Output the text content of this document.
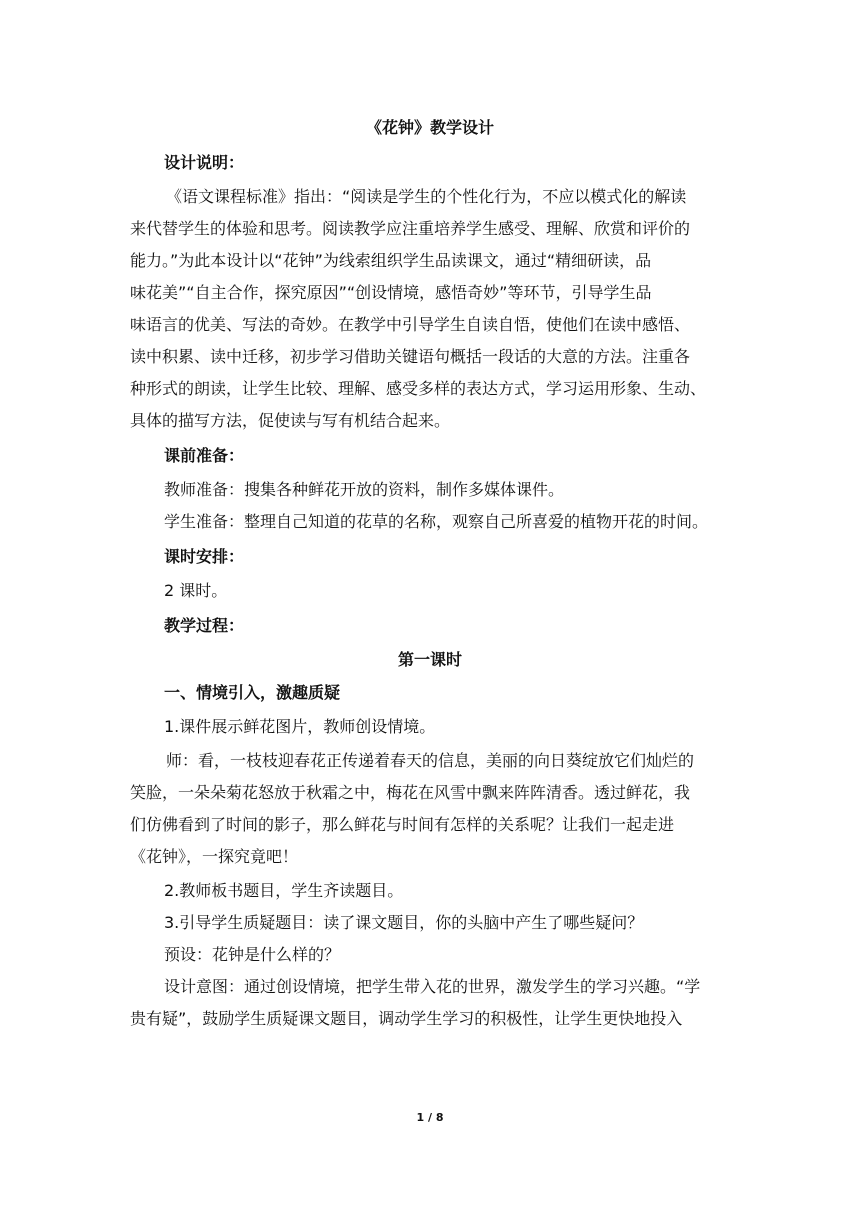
《花钟》教学设计
设计说明：
《语文课程标准》指出：“阅读是学生的个性化行为，不应以模式化的解读
来代替学生的体验和思考。阅读教学应注重培养学生感受、理解、欣赏和评价的
能力。”为此本设计以“花钟”为线索组织学生品读课文，通过“精细研读，品
味花美”“自主合作，探究原因”“创设情境，感悟奇妙”等环节，引导学生品
味语言的优美、写法的奇妙。在教学中引导学生自读自悟，使他们在读中感悟、
读中积累、读中迁移，初步学习借助关键语句概括一段话的大意的方法。注重各
种形式的朗读，让学生比较、理解、感受多样的表达方式，学习运用形象、生动、
具体的描写方法，促使读与写有机结合起来。
课前准备：
教师准备：搜集各种鲜花开放的资料，制作多媒体课件。
学生准备：整理自己知道的花草的名称，观察自己所喜爱的植物开花的时间。
课时安排：
2 课时。
教学过程：
第一课时
一、情境引入，激趣质疑
1.课件展示鲜花图片，教师创设情境。
师：看，一枝枝迎春花正传递着春天的信息，美丽的向日葵绽放它们灿烂的
笑脸，一朵朵菊花怒放于秋霜之中，梅花在风雪中飘来阵阵清香。透过鲜花，我
们仿佛看到了时间的影子，那么鲜花与时间有怎样的关系呢？让我们一起走进
《花钟》，一探究竟吧！
2.教师板书题目，学生齐读题目。
3.引导学生质疑题目：读了课文题目，你的头脑中产生了哪些疑问？
预设：花钟是什么样的？
设计意图：通过创设情境，把学生带入花的世界，激发学生的学习兴趣。“学
贵有疑”，鼓励学生质疑课文题目，调动学生学习的积极性，让学生更快地投入
1 / 8
